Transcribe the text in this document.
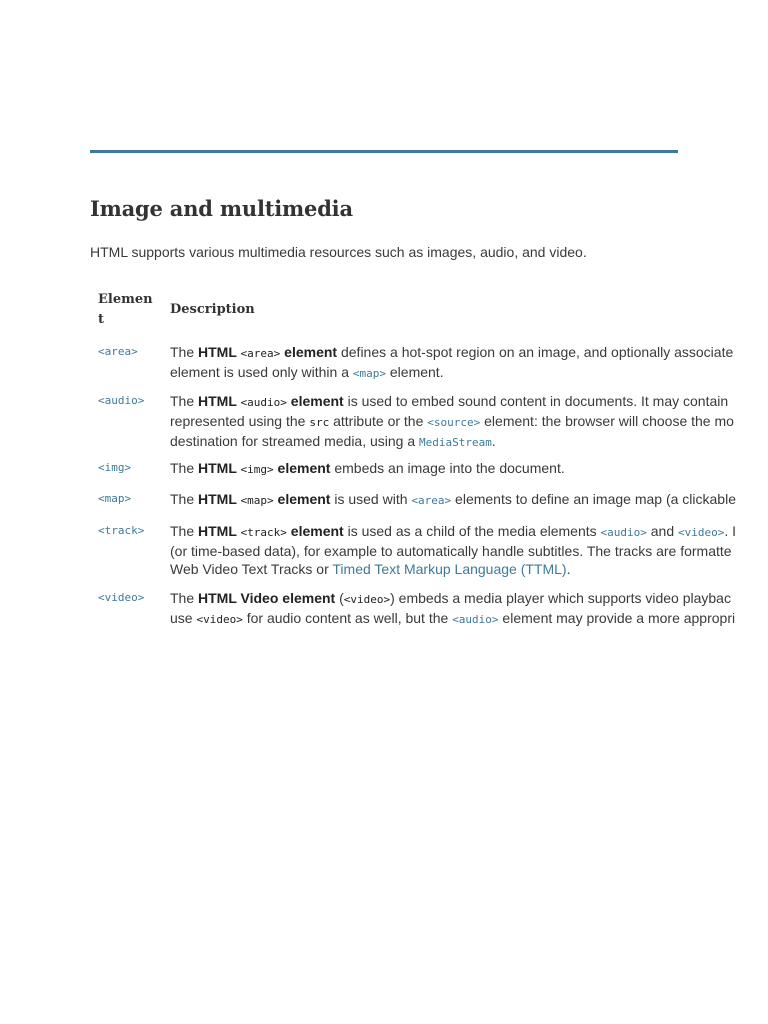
Image and multimedia

HTML supports various multimedia resources such as images, audio, and video.

Element
Description
<area> The HTML <area> element defines a hot-spot region on an image, and optionally associate
element is used only within a <map> element.
<audio> The HTML <audio> element is used to embed sound content in documents. It may contain
represented using the src attribute or the <source> element: the browser will choose the mo
destination for streamed media, using a MediaStream.
<img>	The HTML <img> element embeds an image into the document.
<map>	The HTML <map> element is used with <area> elements to define an image map (a clickable
<track> The HTML <track> element is used as a child of the media elements <audio> and <video>. I
(or time-based data), for example to automatically handle subtitles. The tracks are formatte
Web Video Text Tracks or Timed Text Markup Language (TTML).
<video> The HTML Video element (<video>) embeds a media player which supports video playbac
use <video> for audio content as well, but the <audio> element may provide a more appropri
